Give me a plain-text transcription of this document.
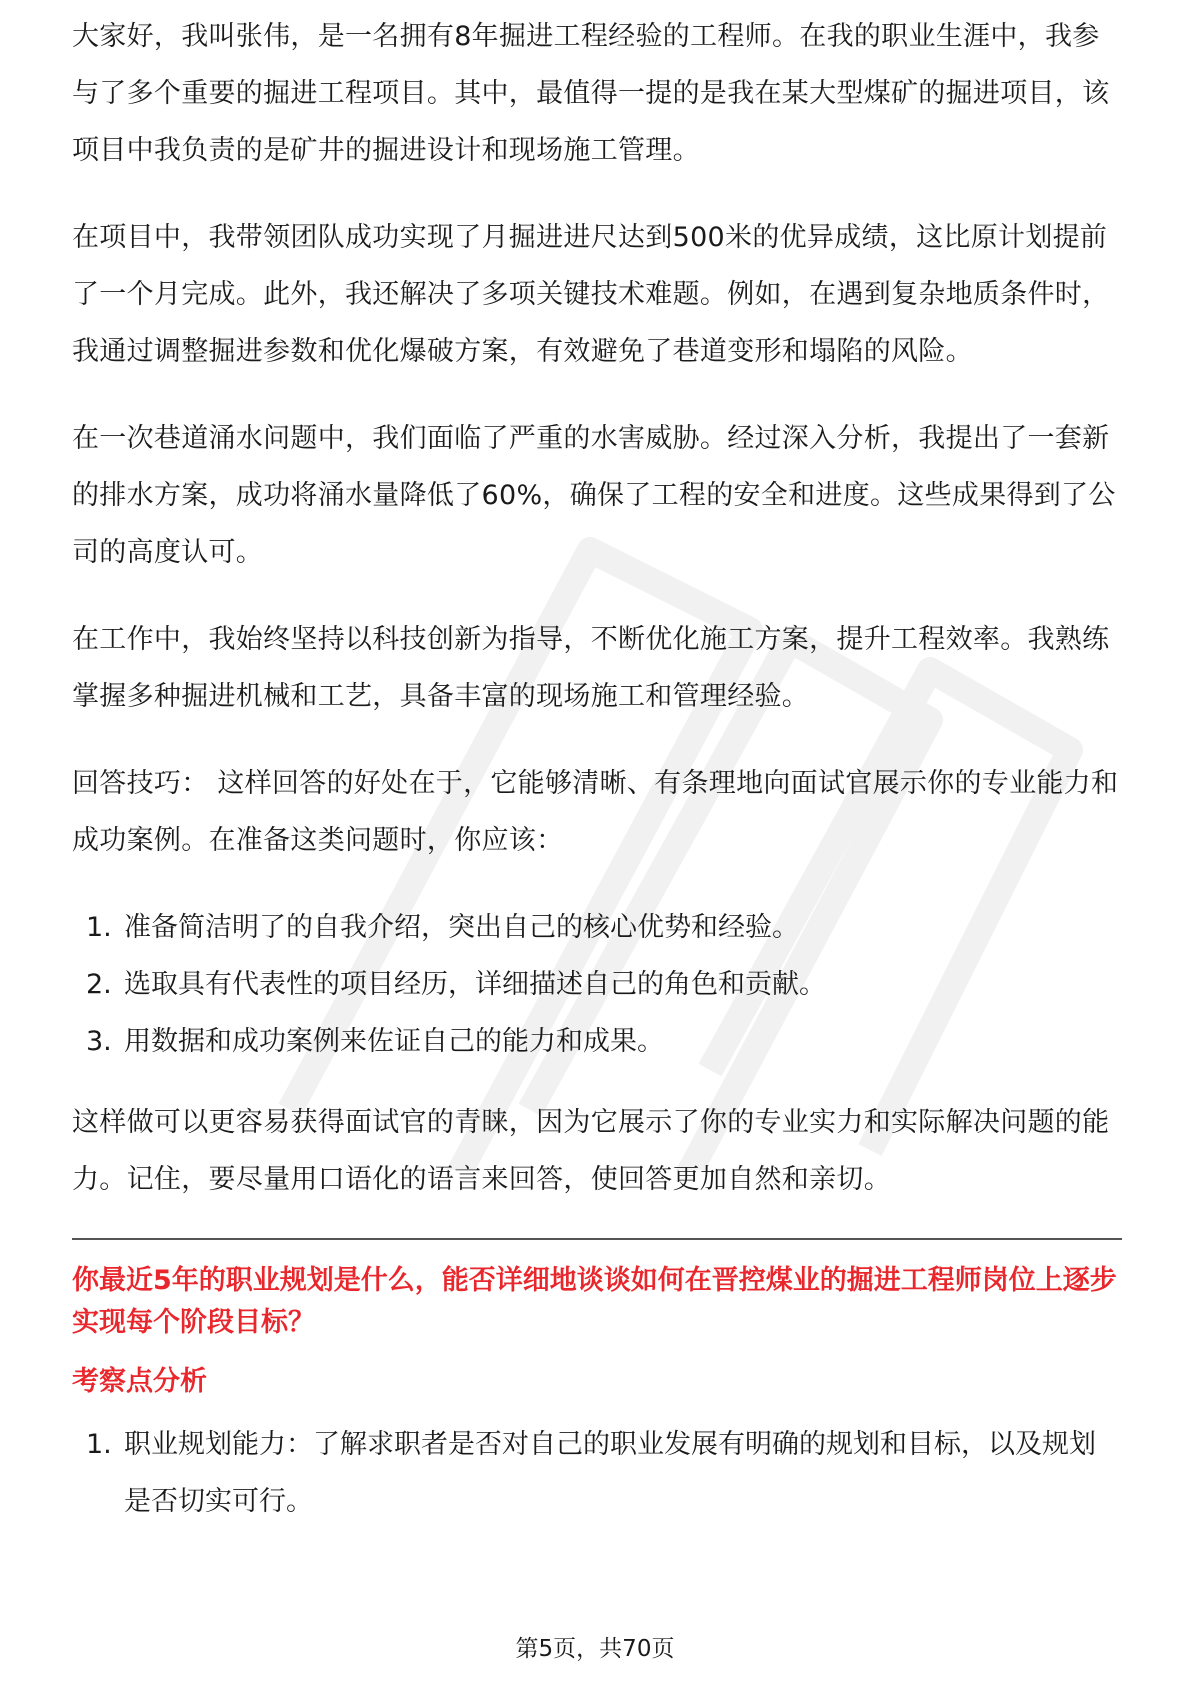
大家好，我叫张伟，是一名拥有8年掘进工程经验的工程师。在我的职业生涯中，我参与了多个重要的掘进工程项目。其中，最值得一提的是我在某大型煤矿的掘进项目，该项目中我负责的是矿井的掘进设计和现场施工管理。

在项目中，我带领团队成功实现了月掘进进尺达到500米的优异成绩，这比原计划提前了一个月完成。此外，我还解决了多项关键技术难题。例如，在遇到复杂地质条件时，我通过调整掘进参数和优化爆破方案，有效避免了巷道变形和塌陷的风险。

在一次巷道涌水问题中，我们面临了严重的水害威胁。经过深入分析，我提出了一套新的排水方案，成功将涌水量降低了60%，确保了工程的安全和进度。这些成果得到了公司的高度认可。

在工作中，我始终坚持以科技创新为指导，不断优化施工方案，提升工程效率。我熟练掌握多种掘进机械和工艺，具备丰富的现场施工和管理经验。

回答技巧： 这样回答的好处在于，它能够清晰、有条理地向面试官展示你的专业能力和成功案例。在准备这类问题时，你应该：

1. 准备简洁明了的自我介绍，突出自己的核心优势和经验。
2. 选取具有代表性的项目经历，详细描述自己的角色和贡献。
3. 用数据和成功案例来佐证自己的能力和成果。

这样做可以更容易获得面试官的青睐，因为它展示了你的专业实力和实际解决问题的能力。记住，要尽量用口语化的语言来回答，使回答更加自然和亲切。

你最近5年的职业规划是什么，能否详细地谈谈如何在晋控煤业的掘进工程师岗位上逐步实现每个阶段目标？

考察点分析

1. 职业规划能力：了解求职者是否对自己的职业发展有明确的规划和目标，以及规划是否切实可行。
第5页，共70页
